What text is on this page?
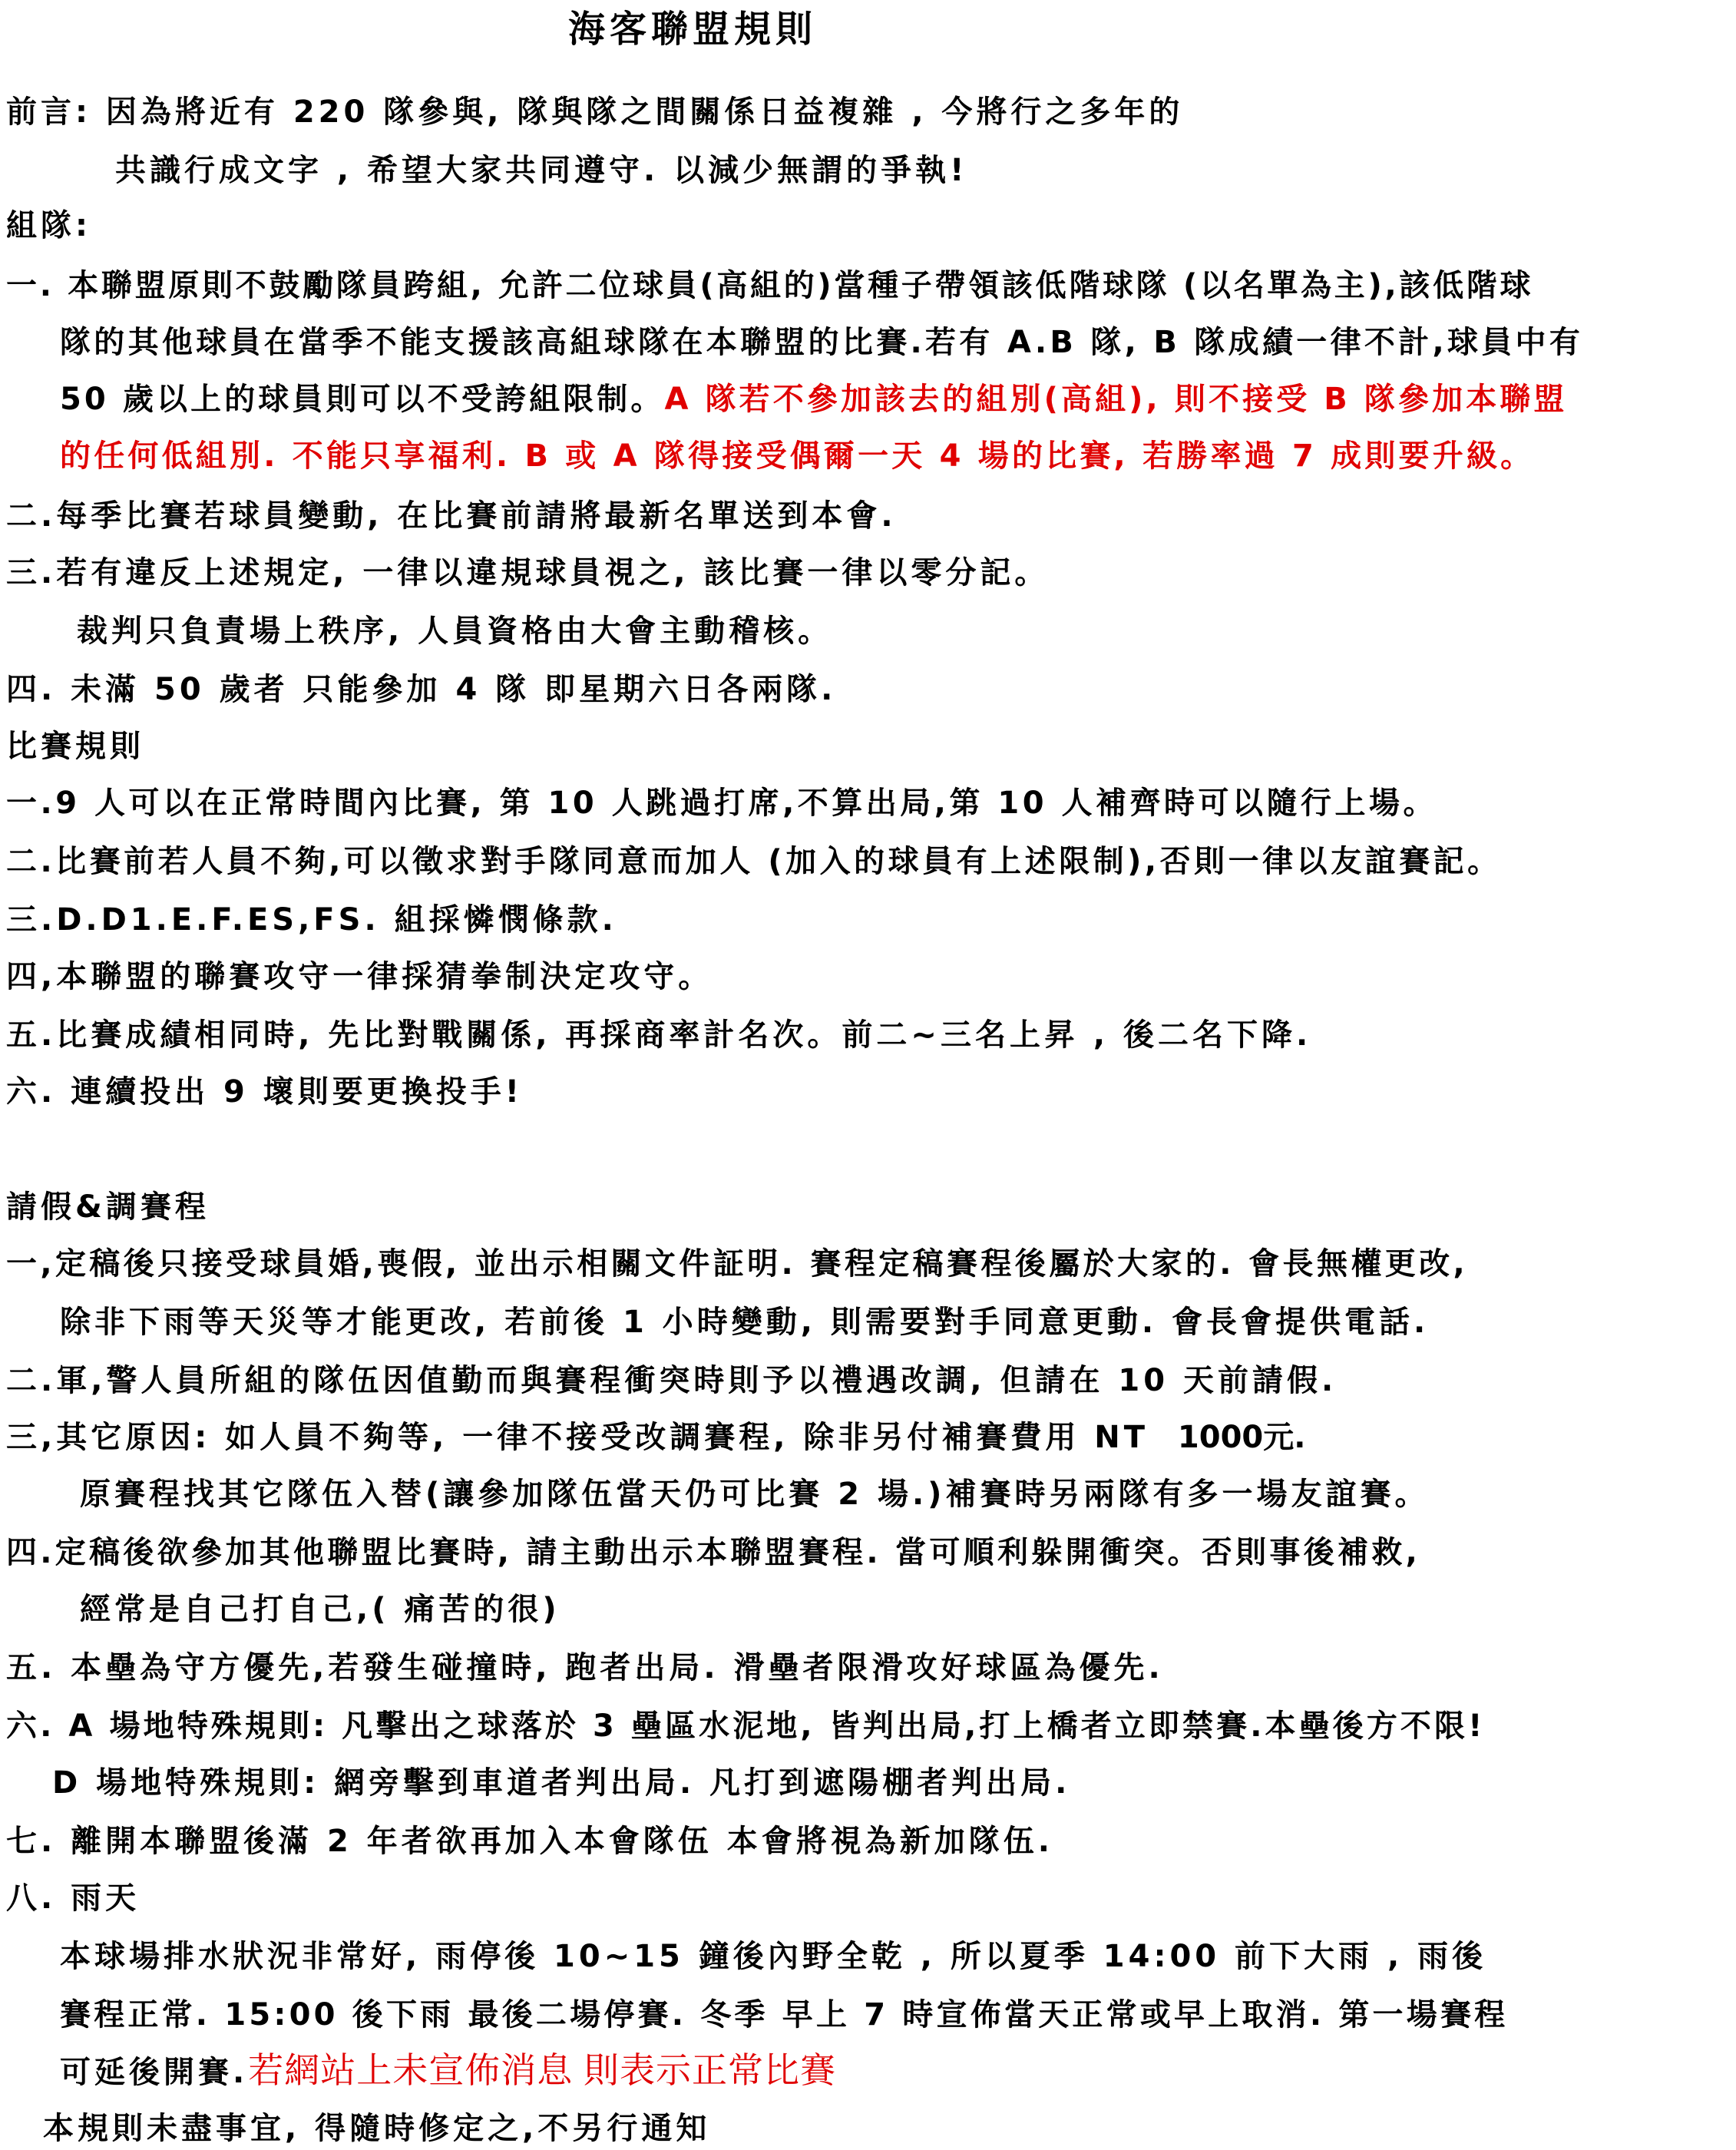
海客聯盟規則
前言: 因為將近有 220 隊參與, 隊與隊之間關係日益複雜 , 今將行之多年的
共識行成文字 , 希望大家共同遵守. 以減少無謂的爭執!
組隊:
一. 本聯盟原則不鼓勵隊員跨組, 允許二位球員(高組的)當種子帶領該低階球隊 (以名單為主),該低階球
隊的其他球員在當季不能支援該高組球隊在本聯盟的比賽.若有 A.B 隊, B 隊成績一律不計,球員中有
50 歲以上的球員則可以不受誇組限制。A 隊若不參加該去的組別(高組), 則不接受 B 隊參加本聯盟
的任何低組別. 不能只享福利. B 或 A 隊得接受偶爾一天 4 場的比賽, 若勝率過 7 成則要升級。
二.每季比賽若球員變動, 在比賽前請將最新名單送到本會.
三.若有違反上述規定, 一律以違規球員視之, 該比賽一律以零分記。
裁判只負責場上秩序, 人員資格由大會主動稽核。
四. 未滿 50 歲者 只能參加 4 隊 即星期六日各兩隊.
比賽規則
一.9 人可以在正常時間內比賽, 第 10 人跳過打席,不算出局,第 10 人補齊時可以隨行上場。
二.比賽前若人員不夠,可以徵求對手隊同意而加人 (加入的球員有上述限制),否則一律以友誼賽記。
三.D.D1.E.F.ES,FS. 組採憐憫條款.
四,本聯盟的聯賽攻守一律採猜拳制決定攻守。
五.比賽成績相同時, 先比對戰關係, 再採商率計名次。前二~三名上昇 , 後二名下降.
六. 連續投出 9 壞則要更換投手!
請假&調賽程
一,定稿後只接受球員婚,喪假, 並出示相關文件証明. 賽程定稿賽程後屬於大家的. 會長無權更改,
除非下雨等天災等才能更改, 若前後 1 小時變動, 則需要對手同意更動. 會長會提供電話.
二.軍,警人員所組的隊伍因值勤而與賽程衝突時則予以禮遇改調, 但請在 10 天前請假.
三,其它原因: 如人員不夠等, 一律不接受改調賽程, 除非另付補賽費用 NT 1000元.
原賽程找其它隊伍入替(讓參加隊伍當天仍可比賽 2 場.)補賽時另兩隊有多一場友誼賽。
四.定稿後欲參加其他聯盟比賽時, 請主動出示本聯盟賽程. 當可順利躲開衝突。否則事後補救,
經常是自己打自己,( 痛苦的很)
五. 本壘為守方優先,若發生碰撞時, 跑者出局. 滑壘者限滑攻好球區為優先.
六. A 場地特殊規則: 凡擊出之球落於 3 壘區水泥地, 皆判出局,打上橋者立即禁賽.本壘後方不限!
D 場地特殊規則: 網旁擊到車道者判出局. 凡打到遮陽棚者判出局.
七. 離開本聯盟後滿 2 年者欲再加入本會隊伍 本會將視為新加隊伍.
八. 雨天
本球場排水狀況非常好, 雨停後 10~15 鐘後內野全乾 , 所以夏季 14:00 前下大雨 , 雨後
賽程正常. 15:00 後下雨 最後二場停賽. 冬季 早上 7 時宣佈當天正常或早上取消. 第一場賽程
可延後開賽.若網站上未宣佈消息 則表示正常比賽
本規則未盡事宜, 得隨時修定之,不另行通知
